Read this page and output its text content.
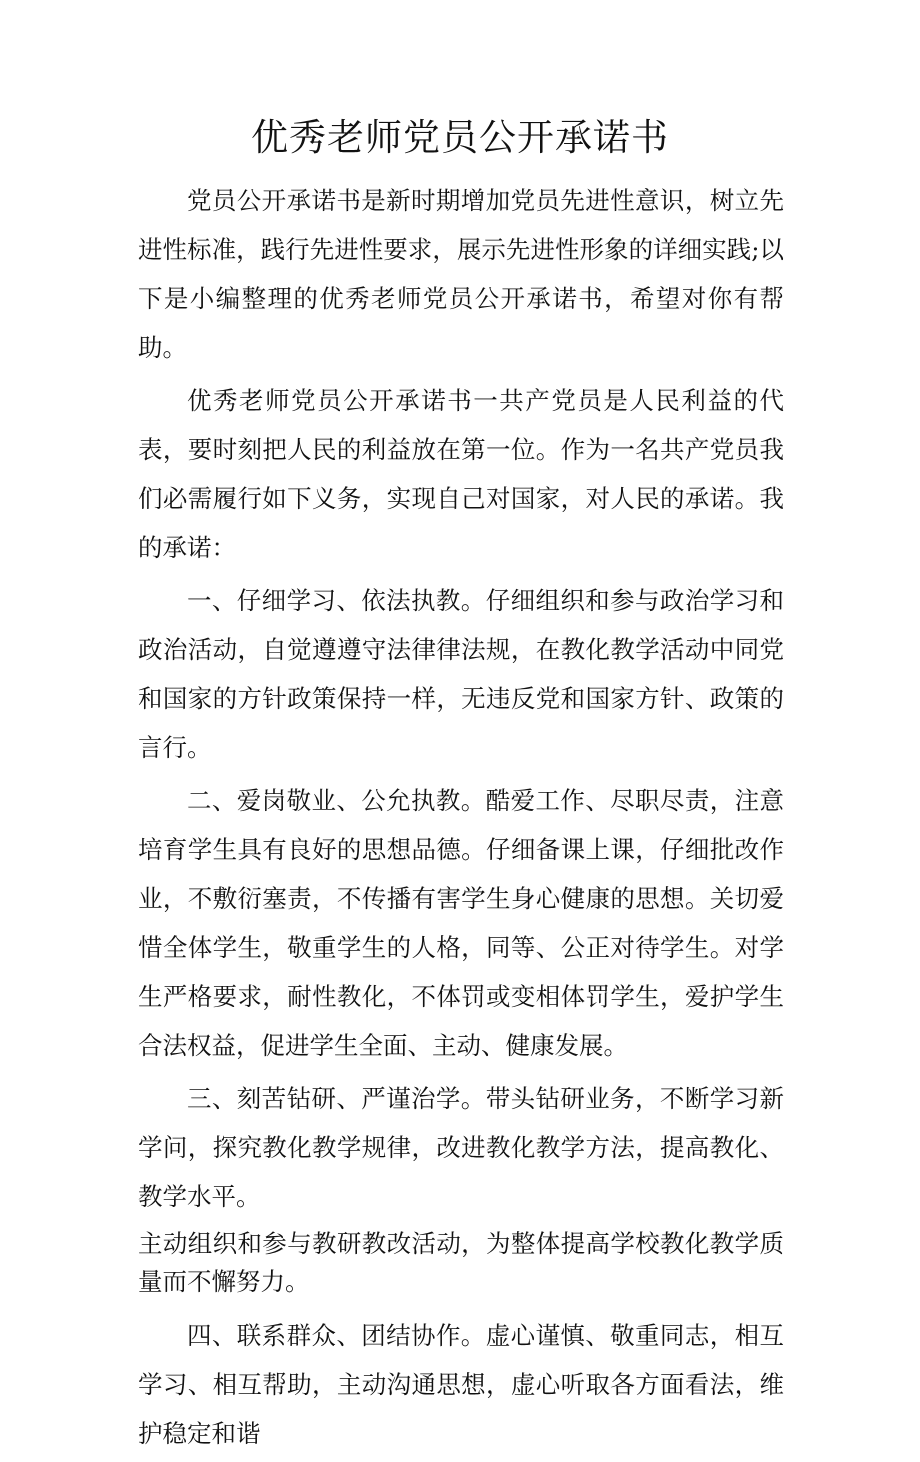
优秀老师党员公开承诺书

党员公开承诺书是新时期增加党员先进性意识，树立先进性标准，践行先进性要求，展示先进性形象的详细实践;以下是小编整理的优秀老师党员公开承诺书，希望对你有帮助。

优秀老师党员公开承诺书一共产党员是人民利益的代表，要时刻把人民的利益放在第一位。作为一名共产党员我们必需履行如下义务，实现自己对国家，对人民的承诺。我的承诺：

一、仔细学习、依法执教。仔细组织和参与政治学习和政治活动，自觉遵遵守法律律法规，在教化教学活动中同党和国家的方针政策保持一样，无违反党和国家方针、政策的言行。

二、爱岗敬业、公允执教。酷爱工作、尽职尽责，注意培育学生具有良好的思想品德。仔细备课上课，仔细批改作业，不敷衍塞责，不传播有害学生身心健康的思想。关切爱惜全体学生，敬重学生的人格，同等、公正对待学生。对学生严格要求，耐性教化，不体罚或变相体罚学生，爱护学生合法权益，促进学生全面、主动、健康发展。

三、刻苦钻研、严谨治学。带头钻研业务，不断学习新学问，探究教化教学规律，改进教化教学方法，提高教化、教学水平。

主动组织和参与教研教改活动，为整体提高学校教化教学质量而不懈努力。

四、联系群众、团结协作。虚心谨慎、敬重同志，相互学习、相互帮助，主动沟通思想，虚心听取各方面看法，维护稳定和谐
